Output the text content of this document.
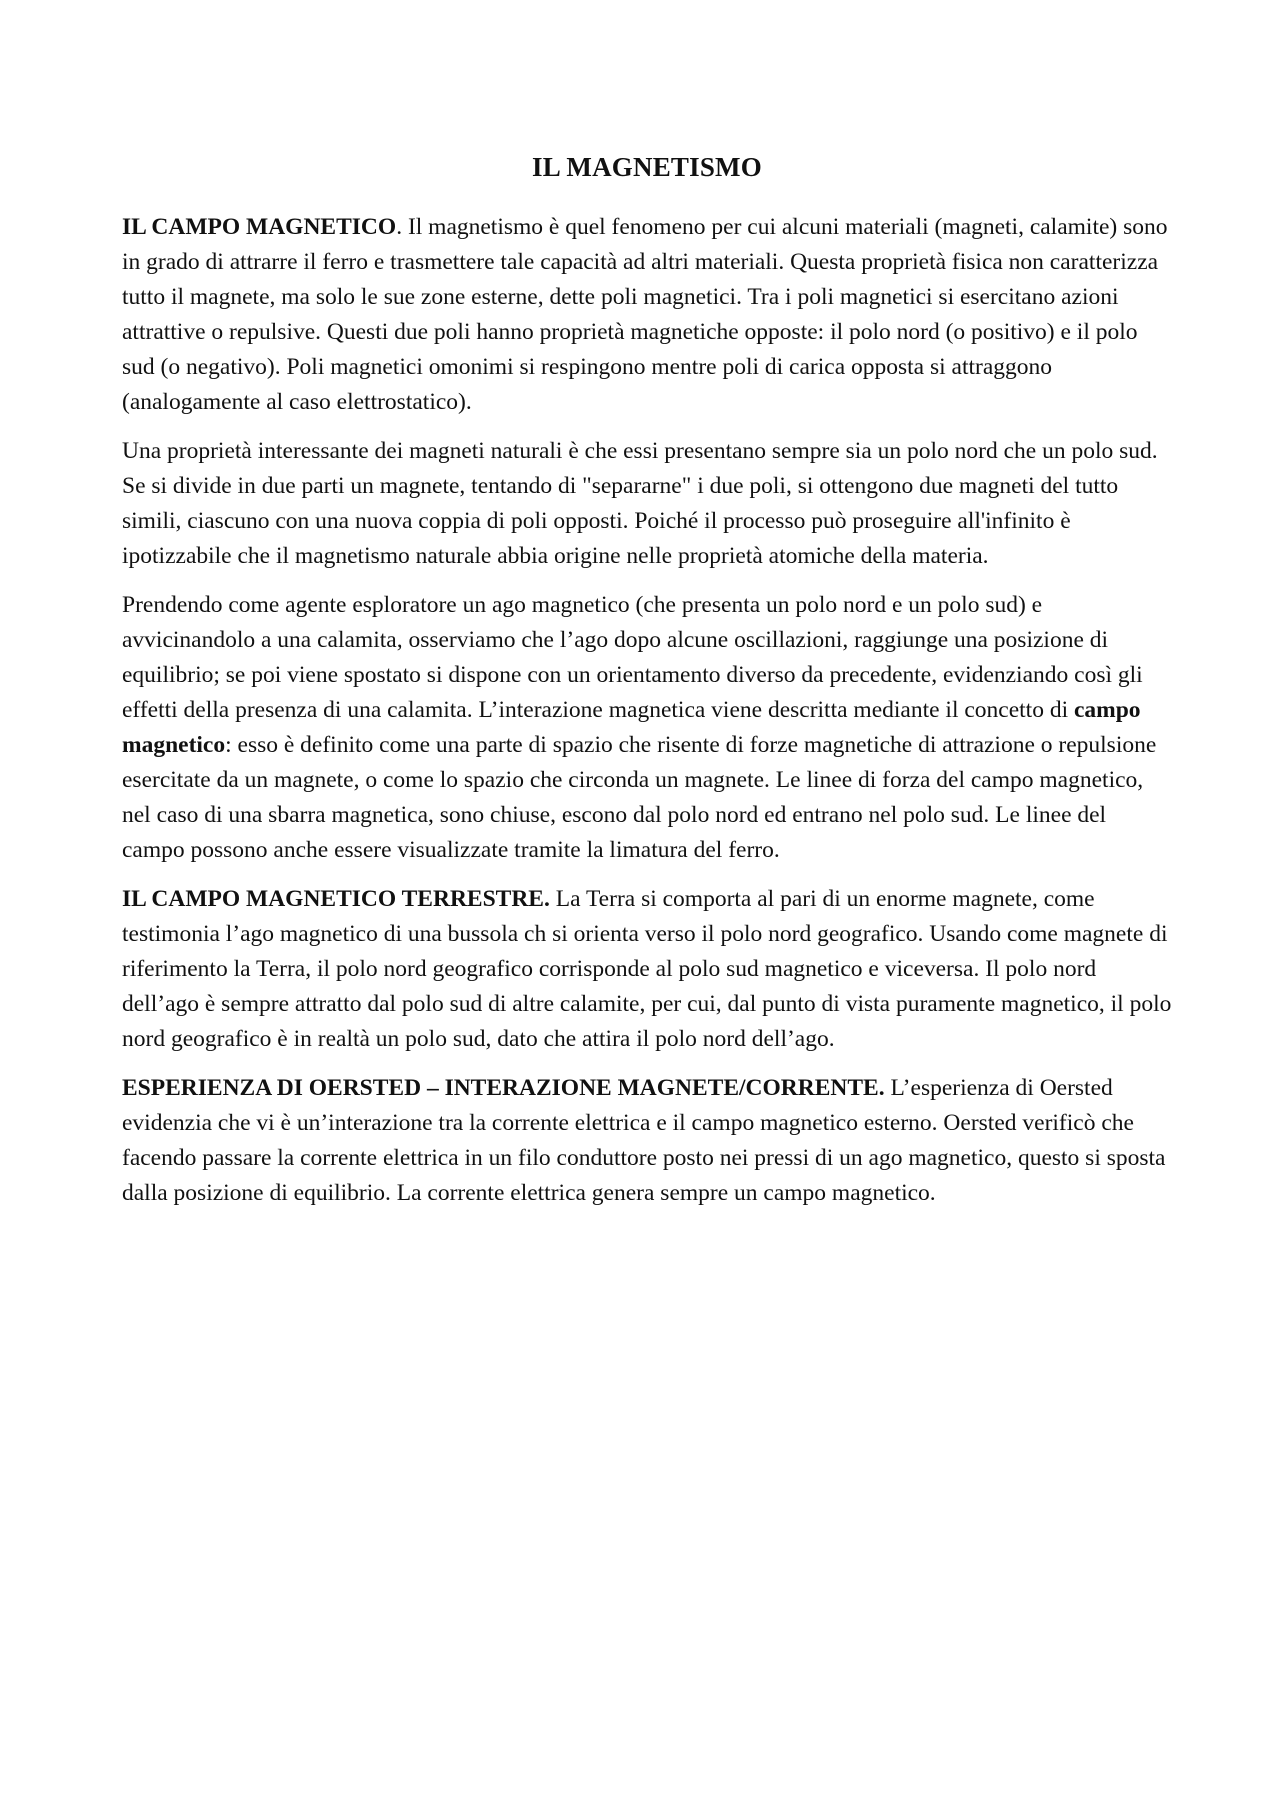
IL MAGNETISMO

IL CAMPO MAGNETICO. Il magnetismo è quel fenomeno per cui alcuni materiali (magneti, calamite) sono in grado di attrarre il ferro e trasmettere tale capacità ad altri materiali. Questa proprietà fisica non caratterizza tutto il magnete, ma solo le sue zone esterne, dette poli magnetici. Tra i poli magnetici si esercitano azioni attrattive o repulsive. Questi due poli hanno proprietà magnetiche opposte: il polo nord (o positivo) e il polo sud (o negativo). Poli magnetici omonimi si respingono mentre poli di carica opposta si attraggono (analogamente al caso elettrostatico).

Una proprietà interessante dei magneti naturali è che essi presentano sempre sia un polo nord che un polo sud. Se si divide in due parti un magnete, tentando di "separarne" i due poli, si ottengono due magneti del tutto simili, ciascuno con una nuova coppia di poli opposti. Poiché il processo può proseguire all'infinito è ipotizzabile che il magnetismo naturale abbia origine nelle proprietà atomiche della materia.

Prendendo come agente esploratore un ago magnetico (che presenta un polo nord e un polo sud) e avvicinandolo a una calamita, osserviamo che l’ago dopo alcune oscillazioni, raggiunge una posizione di equilibrio; se poi viene spostato si dispone con un orientamento diverso da precedente, evidenziando così gli effetti della presenza di una calamita. L’interazione magnetica viene descritta mediante il concetto di campo magnetico: esso è definito come una parte di spazio che risente di forze magnetiche di attrazione o repulsione esercitate da un magnete, o come lo spazio che circonda un magnete. Le linee di forza del campo magnetico, nel caso di una sbarra magnetica, sono chiuse, escono dal polo nord ed entrano nel polo sud. Le linee del campo possono anche essere visualizzate tramite la limatura del ferro.

IL CAMPO MAGNETICO TERRESTRE. La Terra si comporta al pari di un enorme magnete, come testimonia l’ago magnetico di una bussola ch si orienta verso il polo nord geografico. Usando come magnete di riferimento la Terra, il polo nord geografico corrisponde al polo sud magnetico e viceversa. Il polo nord dell’ago è sempre attratto dal polo sud di altre calamite, per cui, dal punto di vista puramente magnetico, il polo nord geografico è in realtà un polo sud, dato che attira il polo nord dell’ago.

ESPERIENZA DI OERSTED – INTERAZIONE MAGNETE/CORRENTE. L’esperienza di Oersted evidenzia che vi è un’interazione tra la corrente elettrica e il campo magnetico esterno. Oersted verificò che facendo passare la corrente elettrica in un filo conduttore posto nei pressi di un ago magnetico, questo si sposta dalla posizione di equilibrio. La corrente elettrica genera sempre un campo magnetico.
